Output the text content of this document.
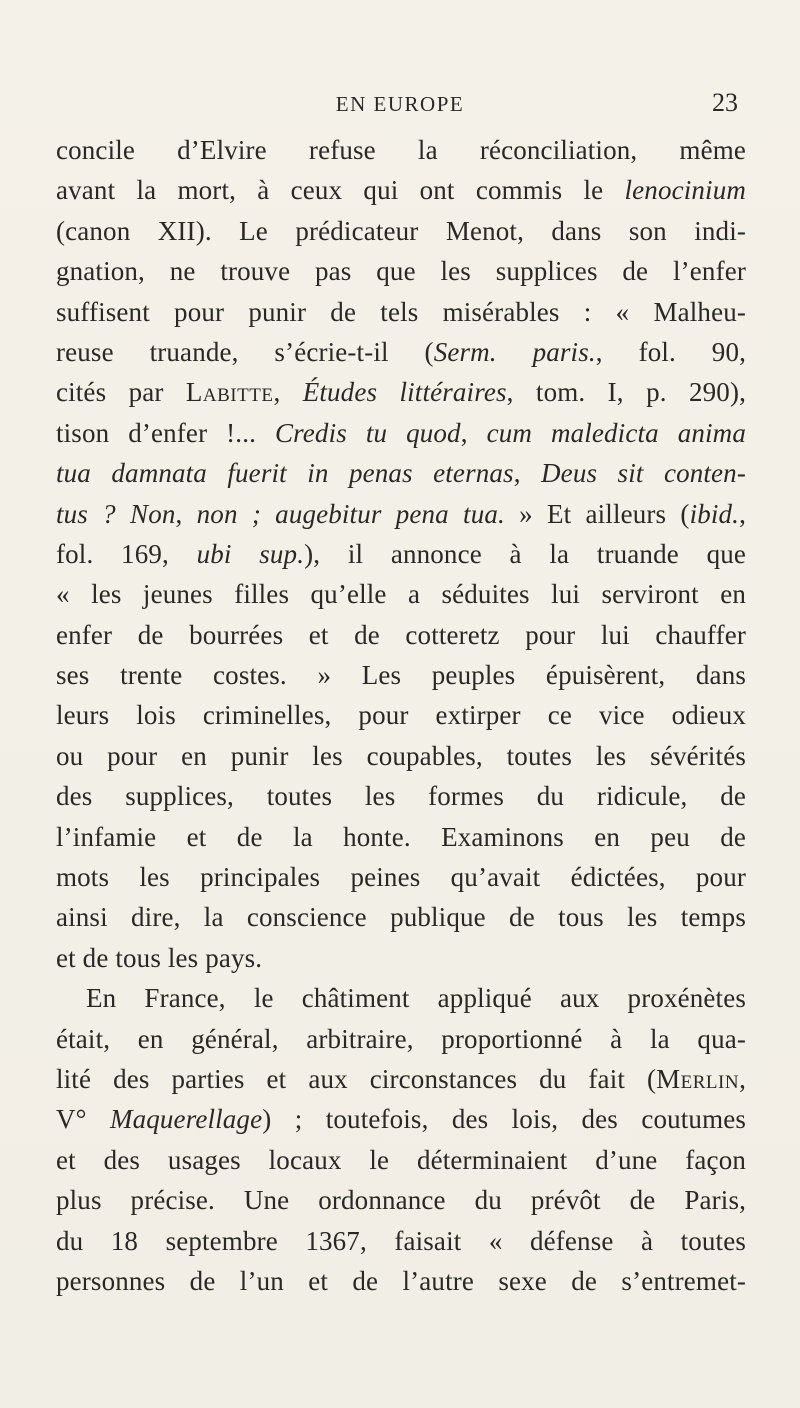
EN EUROPE	23
concile d’Elvire refuse la réconciliation, même
avant la mort, à ceux qui ont commis le lenocinium
(canon XII). Le prédicateur Menot, dans son indi-
gnation, ne trouve pas que les supplices de l’enfer
suffisent pour punir de tels misérables : « Malheu-
reuse truande, s’écrie-t-il (Serm. paris., fol. 90,
cités par Labitte, Études littéraires, tom. I, p. 290),
tison d’enfer !... Credis tu quod, cum maledicta anima
tua damnata fuerit in penas eternas, Deus sit conten-
tus ? Non, non ; augebitur pena tua. » Et ailleurs (ibid.,
fol. 169, ubi sup.), il annonce à la truande que
« les jeunes filles qu’elle a séduites lui serviront en
enfer de bourrées et de cotteretz pour lui chauffer
ses trente costes. » Les peuples épuisèrent, dans
leurs lois criminelles, pour extirper ce vice odieux
ou pour en punir les coupables, toutes les sévérités
des supplices, toutes les formes du ridicule, de
l’infamie et de la honte. Examinons en peu de
mots les principales peines qu’avait édictées, pour
ainsi dire, la conscience publique de tous les temps
et de tous les pays.
En France, le châtiment appliqué aux proxénètes
était, en général, arbitraire, proportionné à la qua-
lité des parties et aux circonstances du fait (Merlin,
V° Maquerellage) ; toutefois, des lois, des coutumes
et des usages locaux le déterminaient d’une façon
plus précise. Une ordonnance du prévôt de Paris,
du 18 septembre 1367, faisait « défense à toutes
personnes de l’un et de l’autre sexe de s’entremet-
